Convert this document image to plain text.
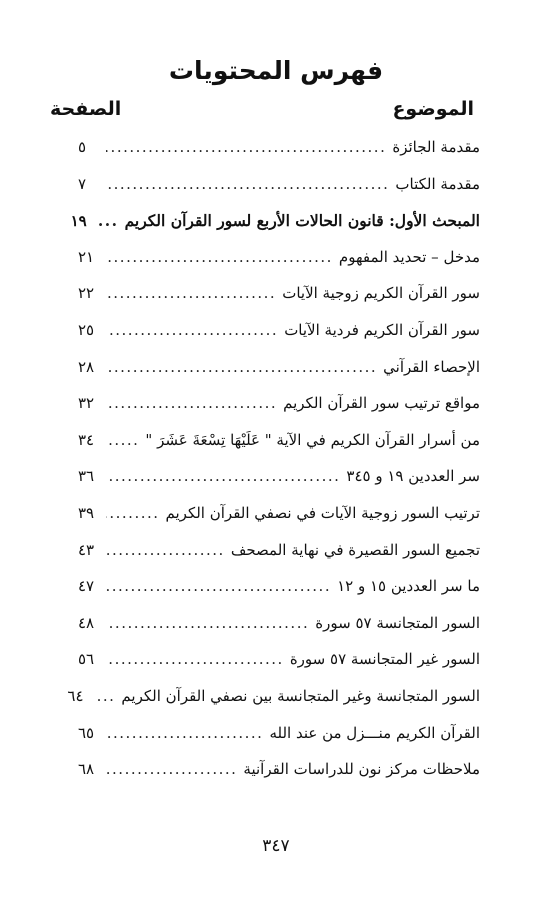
فهرس المحتويات
الموضوع
الصفحة
مقدمة الجائزة
.....
٥
مقدمة الكتاب
.....
٧
المبحث الأول: قانون الحالات الأربع لسور القرآن الكريم
.....
١٩
مدخل – تحديد المفهوم
.....
٢١
سور القرآن الكريم زوجية الآيات
.....
٢٢
سور القرآن الكريم فردية الآيات
.....
٢٥
الإحصاء القرآني
.....
٢٨
مواقع ترتيب سور القرآن الكريم
.....
٣٢
من أسرار القرآن الكريم في الآية " عَلَيْهَا تِسْعَةَ عَشَرَ "
.....
٣٤
سر العددين ١٩ و ٣٤٥
.....
٣٦
ترتيب السور زوجية الآيات في نصفي القرآن الكريم
.....
٣٩
تجميع السور القصيرة في نهاية المصحف
.....
٤٣
ما سر العددين ١٥ و ١٢
.....
٤٧
السور المتجانسة ٥٧ سورة
.....
٤٨
السور غير المتجانسة ٥٧ سورة
.....
٥٦
السور المتجانسة وغير المتجانسة بين نصفي القرآن الكريم
.....
٦٤
القرآن الكريم منـــزل من عند الله
.....
٦٥
ملاحظات مركز نون للدراسات القرآنية
.....
٦٨
٣٤٧
